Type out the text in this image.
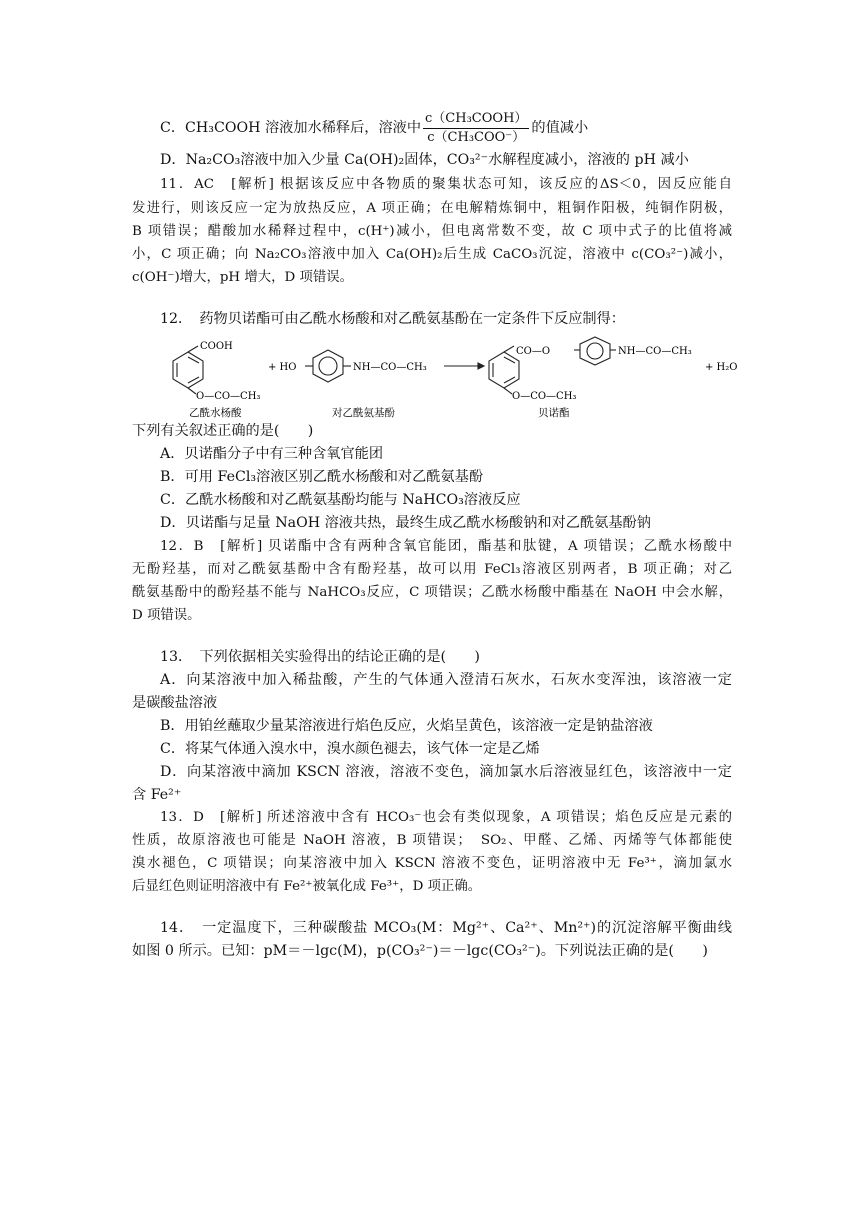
C．CH₃COOH 溶液加水稀释后，溶液中 $\frac{\text{c（CH₃COOH）}}{\text{c（CH₃COO⁻）}}$ 的值减小
D．Na₂CO₃溶液中加入少量 Ca(OH)₂固体，CO₃²⁻水解程度减小，溶液的 pH 减小
11．AC　[解析] 根据该反应中各物质的聚集状态可知，该反应的ΔS＜0，因反应能自
发进行，则该反应一定为放热反应，A 项正确；在电解精炼铜中，粗铜作阳极，纯铜作阴极，
B 项错误；醋酸加水稀释过程中，c(H⁺)减小，但电离常数不变，故 C 项中式子的比值将减
小，C 项正确；向 Na₂CO₃溶液中加入 Ca(OH)₂后生成 CaCO₃沉淀，溶液中 c(CO₃²⁻)减小，
c(OH⁻)增大，pH 增大，D 项错误。
12．　药物贝诺酯可由乙酰水杨酸和对乙酰氨基酚在一定条件下反应制得：
COOH
O—CO—CH₃
乙酰水杨酸
+ HO	NH—CO—CH₃
对乙酰氨基酚
CO—O	NH—CO—CH₃
O—CO—CH₃
+ H₂O
贝诺酯
下列有关叙述正确的是(　　)
A．贝诺酯分子中有三种含氧官能团
B．可用 FeCl₃溶液区别乙酰水杨酸和对乙酰氨基酚
C．乙酰水杨酸和对乙酰氨基酚均能与 NaHCO₃溶液反应
D．贝诺酯与足量 NaOH 溶液共热，最终生成乙酰水杨酸钠和对乙酰氨基酚钠
12．B　[解析] 贝诺酯中含有两种含氧官能团，酯基和肽键，A 项错误；乙酰水杨酸中
无酚羟基，而对乙酰氨基酚中含有酚羟基，故可以用 FeCl₃溶液区别两者，B 项正确；对乙
酰氨基酚中的酚羟基不能与 NaHCO₃反应，C 项错误；乙酰水杨酸中酯基在 NaOH 中会水解，
D 项错误。
13．　下列依据相关实验得出的结论正确的是(　　)
A．向某溶液中加入稀盐酸，产生的气体通入澄清石灰水，石灰水变浑浊，该溶液一定
是碳酸盐溶液
B．用铂丝蘸取少量某溶液进行焰色反应，火焰呈黄色，该溶液一定是钠盐溶液
C．将某气体通入溴水中，溴水颜色褪去，该气体一定是乙烯
D．向某溶液中滴加 KSCN 溶液，溶液不变色，滴加氯水后溶液显红色，该溶液中一定
含 Fe²⁺
13．D　[解析] 所述溶液中含有 HCO₃⁻也会有类似现象，A 项错误；焰色反应是元素的
性质，故原溶液也可能是 NaOH 溶液，B 项错误；　SO₂、甲醛、乙烯、丙烯等气体都能使
溴水褪色，C 项错误；向某溶液中加入 KSCN 溶液不变色，证明溶液中无 Fe³⁺，滴加氯水
后显红色则证明溶液中有 Fe²⁺被氧化成 Fe³⁺，D 项正确。
14．　一定温度下，三种碳酸盐 MCO₃(M：Mg²⁺、Ca²⁺、Mn²⁺)的沉淀溶解平衡曲线
如图 0 所示。已知：pM＝－lgc(M)，p(CO₃²⁻)＝－lgc(CO₃²⁻)。下列说法正确的是(　　)
